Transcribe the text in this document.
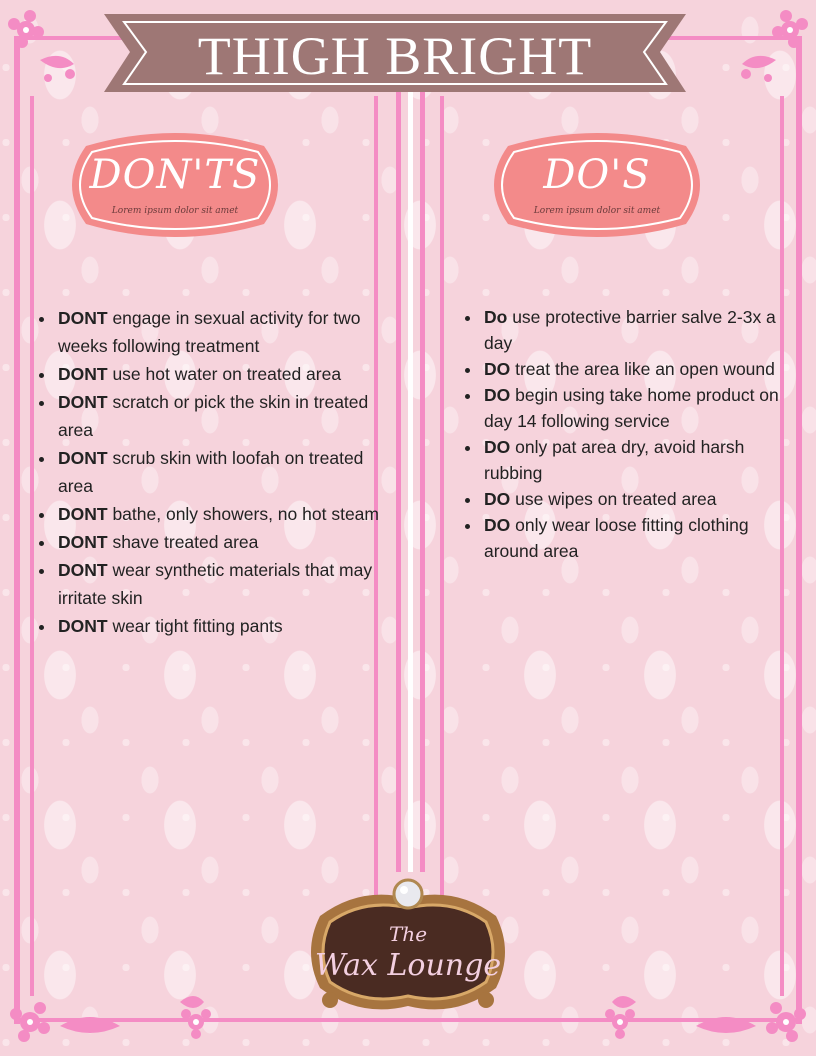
THIGH BRIGHT
DON'TS
Lorem ipsum dolor sit amet
DO'S
Lorem ipsum dolor sit amet
• DONT engage in sexual activity for two weeks following treatment
• DONT use hot water on treated area
• DONT scratch or pick the skin in treated area
• DONT scrub skin with loofah on treated area
• DONT bathe, only showers, no hot steam
• DONT shave treated area
• DONT wear synthetic materials that may irritate skin
• DONT wear tight fitting pants
• Do use protective barrier salve 2-3x a day
• DO treat the area like an open wound
• DO begin using take home product on day 14 following service
• DO only pat area dry, avoid harsh rubbing
• DO use wipes on treated area
• DO only wear loose fitting clothing around area
The
Wax Lounge
